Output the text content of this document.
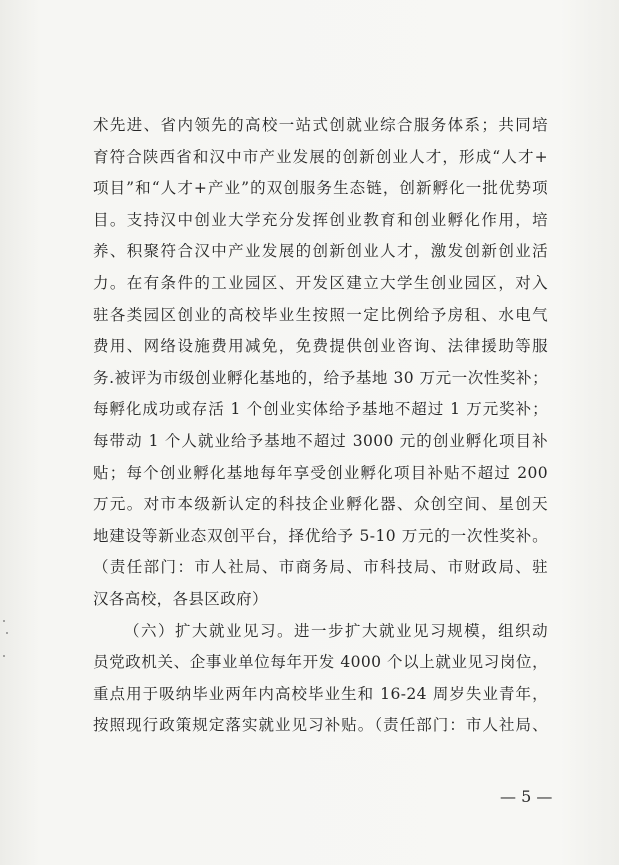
术先进、省内领先的高校一站式创就业综合服务体系；共同培
育符合陕西省和汉中市产业发展的创新创业人才，形成“人才+
项目”和“人才+产业”的双创服务生态链，创新孵化一批优势项
目。支持汉中创业大学充分发挥创业教育和创业孵化作用，培
养、积聚符合汉中产业发展的创新创业人才，激发创新创业活
力。在有条件的工业园区、开发区建立大学生创业园区，对入
驻各类园区创业的高校毕业生按照一定比例给予房租、水电气
费用、网络设施费用减免，免费提供创业咨询、法律援助等服
务.被评为市级创业孵化基地的，给予基地 30 万元一次性奖补；
每孵化成功或存活 1 个创业实体给予基地不超过 1 万元奖补；
每带动 1 个人就业给予基地不超过 3000 元的创业孵化项目补
贴；每个创业孵化基地每年享受创业孵化项目补贴不超过 200
万元。对市本级新认定的科技企业孵化器、众创空间、星创天
地建设等新业态双创平台，择优给予 5-10 万元的一次性奖补。
（责任部门：市人社局、市商务局、市科技局、市财政局、驻
汉各高校，各县区政府）
（六）扩大就业见习。进一步扩大就业见习规模，组织动
员党政机关、企事业单位每年开发 4000 个以上就业见习岗位，
重点用于吸纳毕业两年内高校毕业生和 16-24 周岁失业青年，
按照现行政策规定落实就业见习补贴。（责任部门：市人社局、
— 5 —
